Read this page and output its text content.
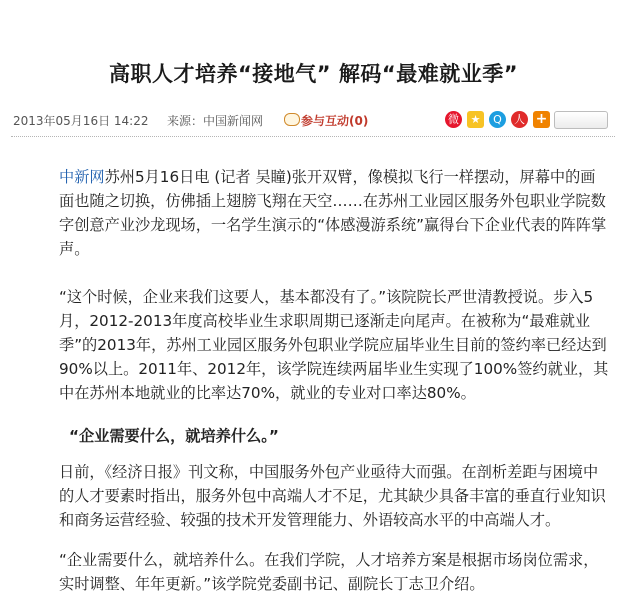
高职人才培养“接地气” 解码“最难就业季”
2013年05月16日 14:22 来源：中国新闻网	参与互动(0)	微	★	Q	人 +
中新网苏州5月16日电 (记者 吴瞳)张开双臂，像模拟飞行一样摆动，屏幕中的画面也随之切换，仿佛插上翅膀飞翔在天空……在苏州工业园区服务外包职业学院数字创意产业沙龙现场，一名学生演示的“体感漫游系统”赢得台下企业代表的阵阵掌声。
“这个时候，企业来我们这要人，基本都没有了。”该院院长严世清教授说。步入5月，2012-2013年度高校毕业生求职周期已逐渐走向尾声。在被称为“最难就业季”的2013年，苏州工业园区服务外包职业学院应届毕业生目前的签约率已经达到90%以上。2011年、2012年，该学院连续两届毕业生实现了100%签约就业，其中在苏州本地就业的比率达70%，就业的专业对口率达80%。
“企业需要什么，就培养什么。”
日前，《经济日报》刊文称，中国服务外包产业亟待大而强。在剖析差距与困境中的人才要素时指出，服务外包中高端人才不足，尤其缺少具备丰富的垂直行业知识和商务运营经验、较强的技术开发管理能力、外语较高水平的中高端人才。
“企业需要什么，就培养什么。在我们学院，人才培养方案是根据市场岗位需求，实时调整、年年更新。”该学院党委副书记、副院长丁志卫介绍。
